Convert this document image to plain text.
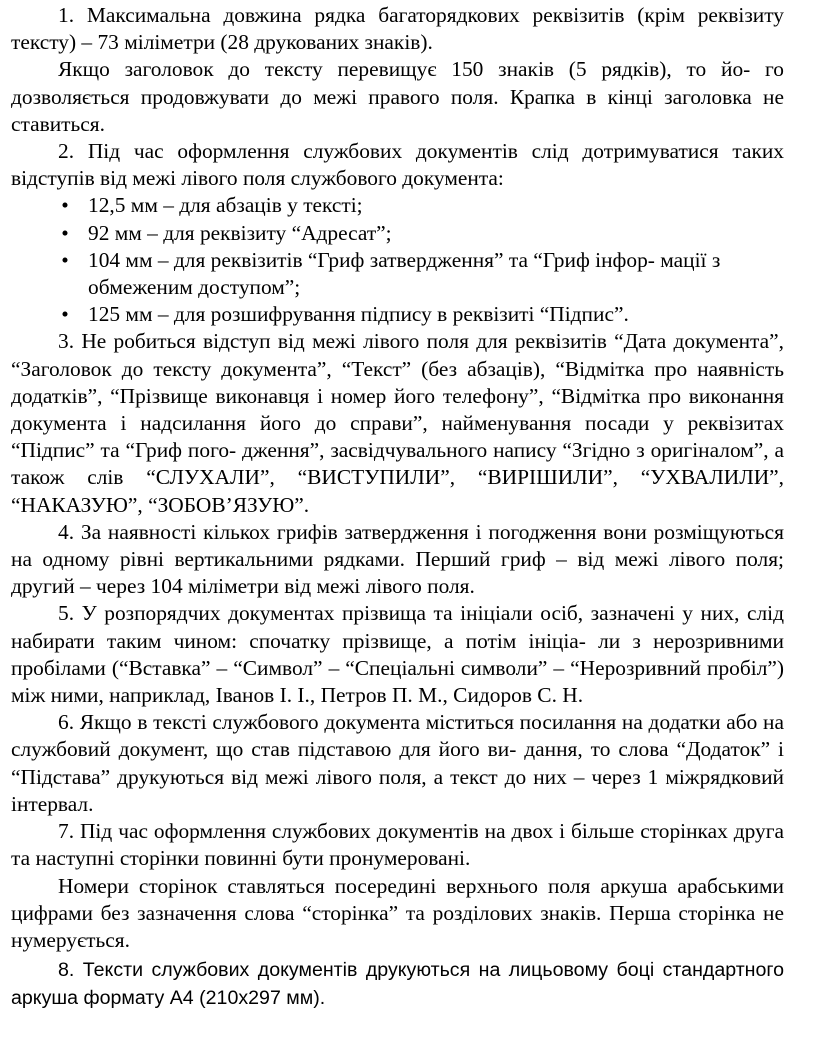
1. Максимальна довжина рядка багаторядкових реквізитів (крім реквізиту тексту) – 73 міліметри (28 друкованих знаків).

Якщо заголовок до тексту перевищує 150 знаків (5 рядків), то йо- го дозволяється продовжувати до межі правого поля. Крапка в кінці заголовка не ставиться.

2. Під час оформлення службових документів слід дотримуватися таких відступів від межі лівого поля службового документа:

• 12,5 мм – для абзаців у тексті;
• 92 мм – для реквізиту “Адресат”;
• 104 мм – для реквізитів “Гриф затвердження” та “Гриф інфор- мації з обмеженим доступом”;
• 125 мм – для розшифрування підпису в реквізиті “Підпис”.

3. Не робиться відступ від межі лівого поля для реквізитів “Дата документа”, “Заголовок до тексту документа”, “Текст” (без абзаців), “Відмітка про наявність додатків”, “Прізвище виконавця і номер його телефону”, “Відмітка про виконання документа і надсилання його до справи”, найменування посади у реквізитах “Підпис” та “Гриф пого- дження”, засвідчувального напису “Згідно з оригіналом”, а також слів “СЛУХАЛИ”, “ВИСТУПИЛИ”, “ВИРІШИЛИ”, “УХВАЛИЛИ”, “НАКАЗУЮ”, “ЗОБОВ’ЯЗУЮ”.

4. За наявності кількох грифів затвердження і погодження вони розміщуються на одному рівні вертикальними рядками. Перший гриф – від межі лівого поля; другий – через 104 міліметри від межі лівого поля.

5. У розпорядчих документах прізвища та ініціали осіб, зазначені у них, слід набирати таким чином: спочатку прізвище, а потім ініціа- ли з нерозривними пробілами (“Вставка” – “Символ” – “Спеціальні символи” – “Нерозривний пробіл”) між ними, наприклад, Іванов І. І., Петров П. М., Сидоров С. Н.

6. Якщо в тексті службового документа міститься посилання на додатки або на службовий документ, що став підставою для його ви- дання, то слова “Додаток” і “Підстава” друкуються від межі лівого поля, а текст до них – через 1 міжрядковий інтервал.

7. Під час оформлення службових документів на двох і більше сторінках друга та наступні сторінки повинні бути пронумеровані.

Номери сторінок ставляться посередині верхнього поля аркуша арабськими цифрами без зазначення слова “сторінка” та розділових знаків. Перша сторінка не нумерується.

8. Тексти службових документів друкуються на лицьовому боці стандартного аркуша формату А4 (210x297 мм).
